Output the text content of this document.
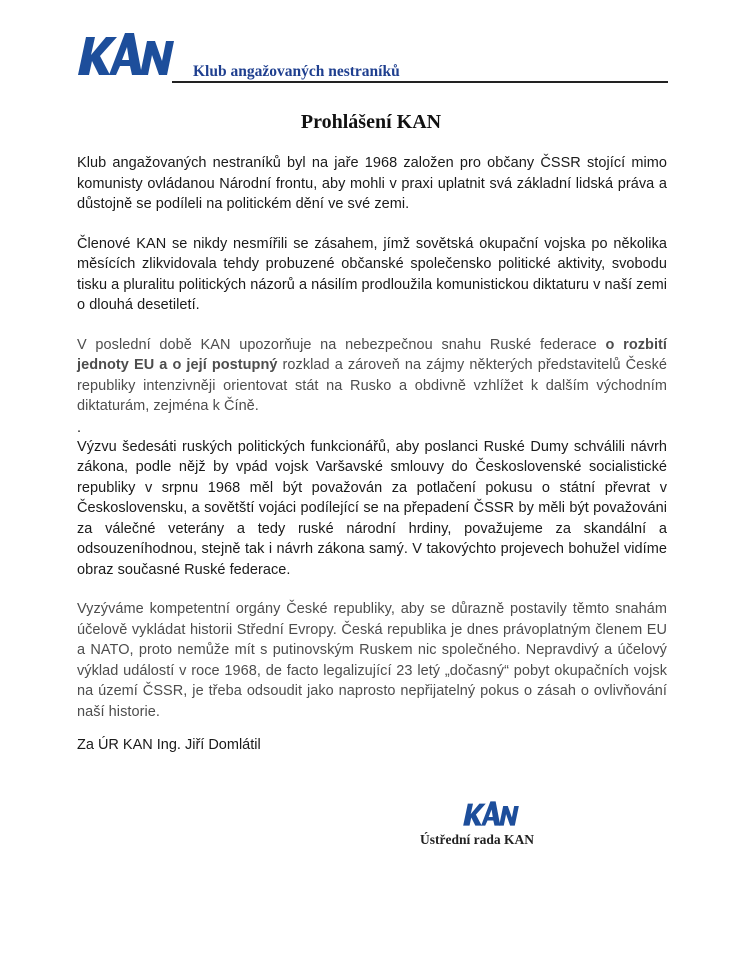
Klub angažovaných nestraníků
Prohlášení KAN

Klub angažovaných nestraníků byl na jaře 1968 založen pro občany ČSSR stojící mimo komunisty ovládanou Národní frontu, aby mohli v praxi uplatnit svá základní lidská práva a důstojně se podíleli na politickém dění ve své zemi.

Členové KAN se nikdy nesmířili se zásahem, jímž sovětská okupační vojska po několika měsících zlikvidovala tehdy probuzené občanské společensko politické aktivity, svobodu tisku a pluralitu politických názorů a násilím prodloužila komunistickou diktaturu v naší zemi o dlouhá desetiletí.

V poslední době KAN upozorňuje na nebezpečnou snahu Ruské federace o rozbití jednoty EU a o její postupný rozklad a zároveň na zájmy některých představitelů České republiky intenzivněji orientovat stát na Rusko a obdivně vzhlížet k dalším východním diktaturám, zejména k Číně.

.

Výzvu šedesáti ruských politických funkcionářů, aby poslanci Ruské Dumy schválili návrh zákona, podle nějž by vpád vojsk Varšavské smlouvy do Československé socialistické republiky v srpnu 1968 měl být považován za potlačení pokusu o státní převrat v Československu, a sovětští vojáci podílející se na přepadení ČSSR by měli být považováni za válečné veterány a tedy ruské národní hrdiny, považujeme za skandální a odsouzeníhodnou, stejně tak i návrh zákona samý. V takovýchto projevech bohužel vidíme obraz současné Ruské federace.

Vyzýváme kompetentní orgány České republiky, aby se důrazně postavily těmto snahám účelově vykládat historii Střední Evropy. Česká republika je dnes právoplatným členem EU a NATO, proto nemůže mít s putinovským Ruskem nic společného. Nepravdivý a účelový výklad událostí v roce 1968, de facto legalizující 23 letý „dočasný“ pobyt okupačních vojsk na území ČSSR, je třeba odsoudit jako naprosto nepřijatelný pokus o zásah o ovlivňování naší historie.

Za ÚR KAN Ing. Jiří Domlátil
Ústřední rada KAN
